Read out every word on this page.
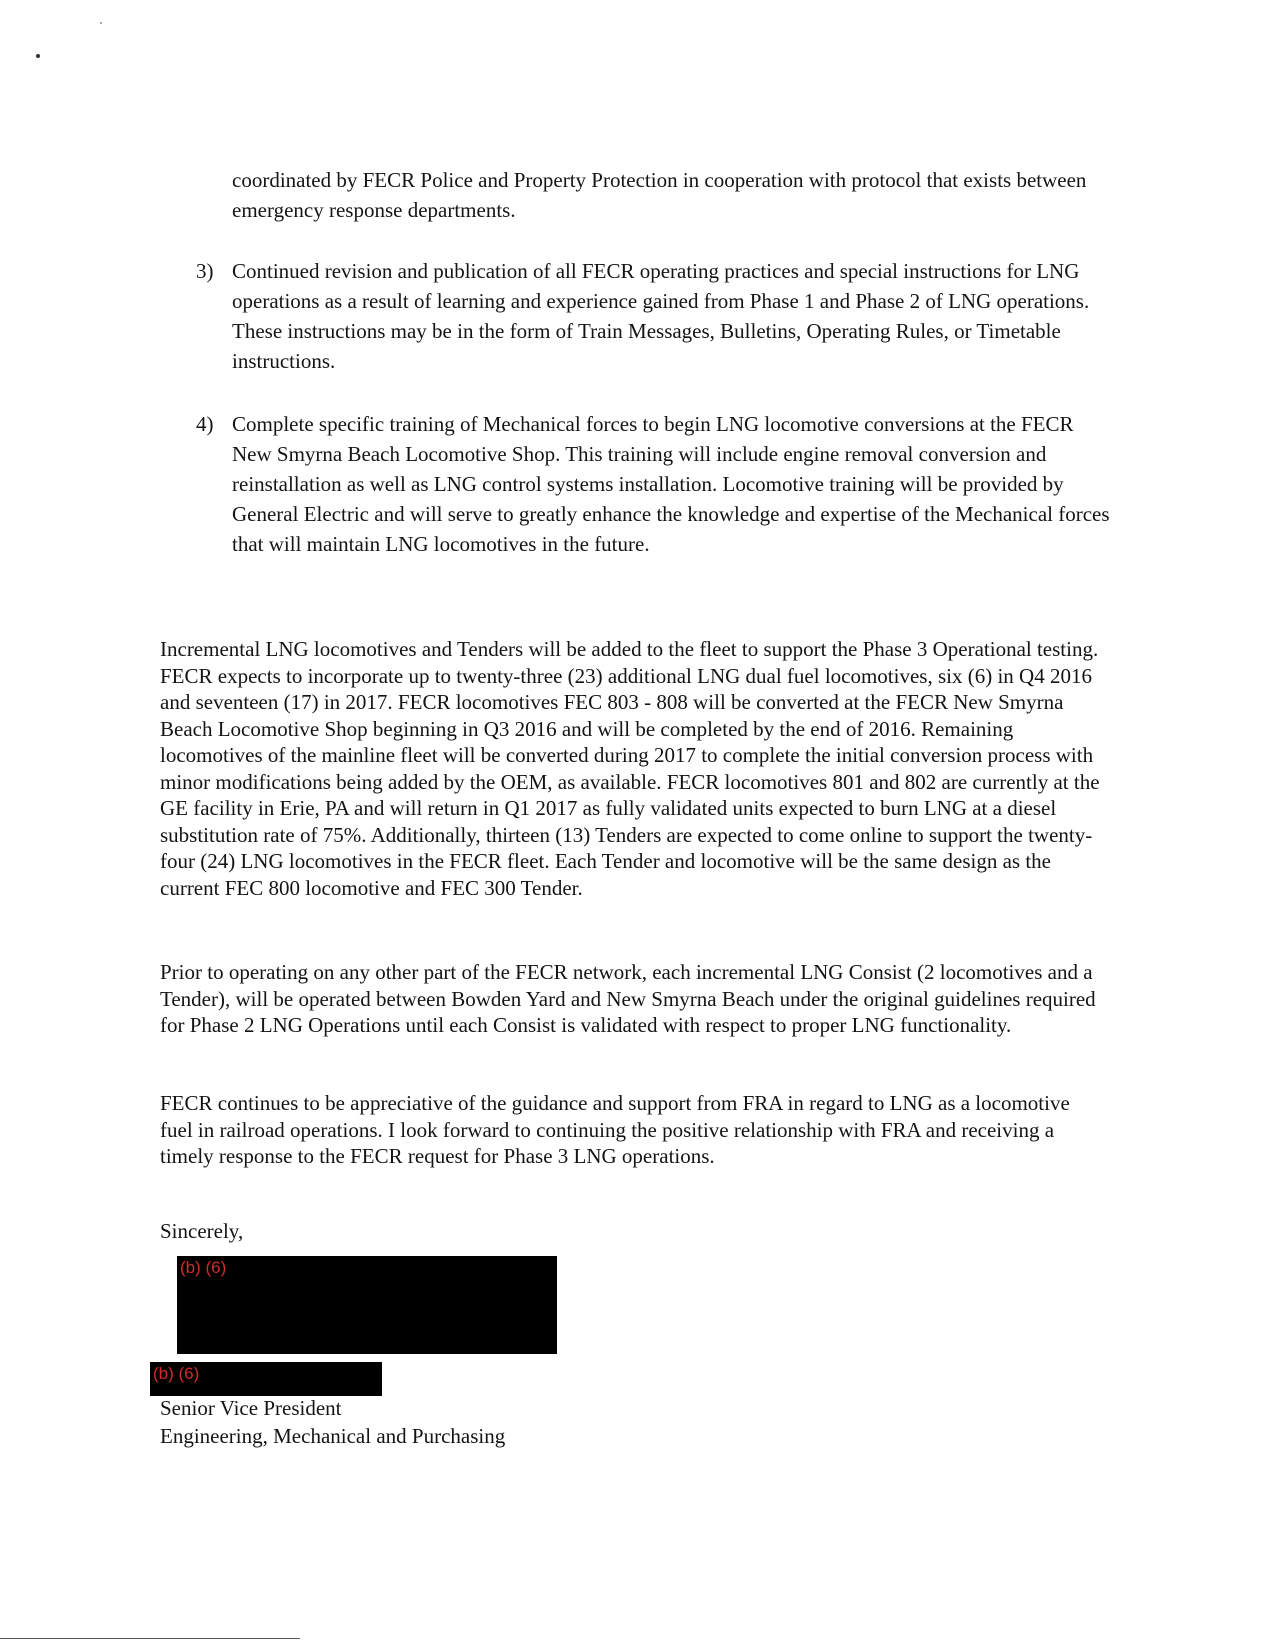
coordinated by FECR Police and Property Protection in cooperation with protocol that exists between emergency response departments.

3) Continued revision and publication of all FECR operating practices and special instructions for LNG operations as a result of learning and experience gained from Phase 1 and Phase 2 of LNG operations. These instructions may be in the form of Train Messages, Bulletins, Operating Rules, or Timetable instructions.

4) Complete specific training of Mechanical forces to begin LNG locomotive conversions at the FECR New Smyrna Beach Locomotive Shop. This training will include engine removal conversion and reinstallation as well as LNG control systems installation. Locomotive training will be provided by General Electric and will serve to greatly enhance the knowledge and expertise of the Mechanical forces that will maintain LNG locomotives in the future.

Incremental LNG locomotives and Tenders will be added to the fleet to support the Phase 3 Operational testing. FECR expects to incorporate up to twenty-three (23) additional LNG dual fuel locomotives, six (6) in Q4 2016 and seventeen (17) in 2017. FECR locomotives FEC 803 - 808 will be converted at the FECR New Smyrna Beach Locomotive Shop beginning in Q3 2016 and will be completed by the end of 2016. Remaining locomotives of the mainline fleet will be converted during 2017 to complete the initial conversion process with minor modifications being added by the OEM, as available. FECR locomotives 801 and 802 are currently at the GE facility in Erie, PA and will return in Q1 2017 as fully validated units expected to burn LNG at a diesel substitution rate of 75%. Additionally, thirteen (13) Tenders are expected to come online to support the twenty-four (24) LNG locomotives in the FECR fleet. Each Tender and locomotive will be the same design as the current FEC 800 locomotive and FEC 300 Tender.

Prior to operating on any other part of the FECR network, each incremental LNG Consist (2 locomotives and a Tender), will be operated between Bowden Yard and New Smyrna Beach under the original guidelines required for Phase 2 LNG Operations until each Consist is validated with respect to proper LNG functionality.

FECR continues to be appreciative of the guidance and support from FRA in regard to LNG as a locomotive fuel in railroad operations. I look forward to continuing the positive relationship with FRA and receiving a timely response to the FECR request for Phase 3 LNG operations.

Sincerely,

(b) (6)
(b) (6)

Senior Vice President

Engineering, Mechanical and Purchasing
